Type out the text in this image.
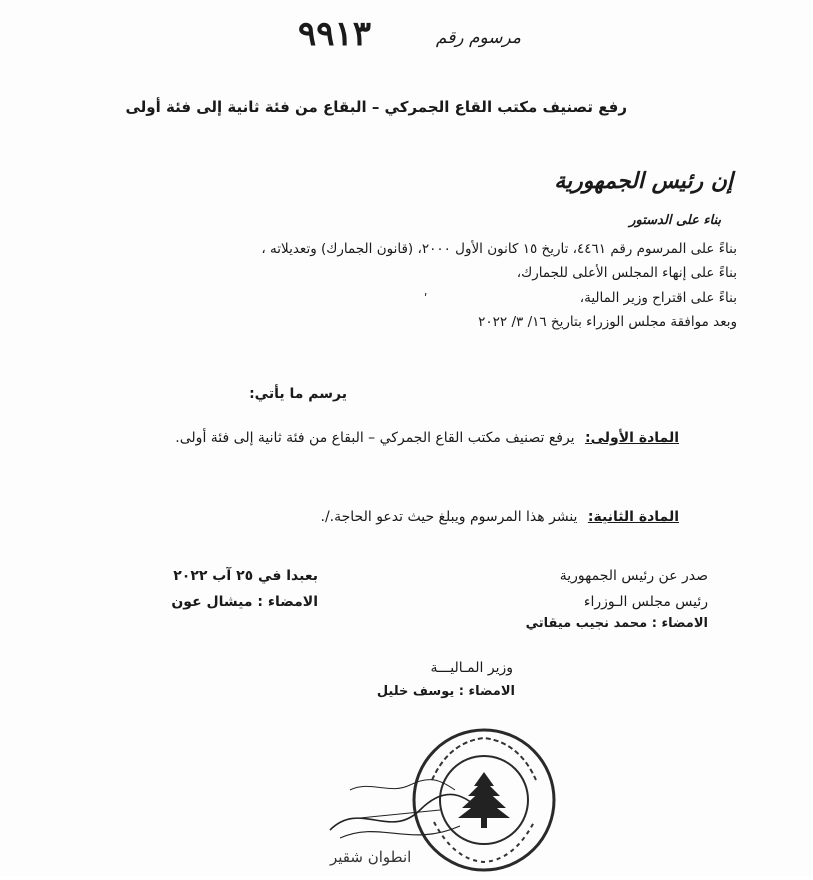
مرسوم رقم
٩٩١٣
رفع تصنيف مكتب القاع الجمركي – البقاع من فئة ثانية إلى فئة أولى
إن رئيس الجمهورية
بناء على الدستور
بناءً على المرسوم رقم ٤٤٦١، تاريخ ١٥ كانون الأول ٢٠٠٠، (قانون الجمارك) وتعديلاته ،
بناءً على إنهاء المجلس الأعلى للجمارك،
بناءً على اقتراح وزير المالية،
وبعد موافقة مجلس الوزراء بتاريخ ١٦/ ٣/ ٢٠٢٢
ʹ
يرسم ما يأتي:
المادة الأولى: يرفع تصنيف مكتب القاع الجمركي – البقاع من فئة ثانية إلى فئة أولى.
المادة الثانية: ينشر هذا المرسوم ويبلغ حيث تدعو الحاجة./.
صدر عن رئيس الجمهورية
رئيس مجلس الـوزراء
الامضاء : محمد نجيب ميقاتي
بعبدا في ٢٥ آب ٢٠٢٢
الامضاء : ميشال عون
وزير المـاليـــة
الامضاء : يوسف خليل
انطوان شقير
